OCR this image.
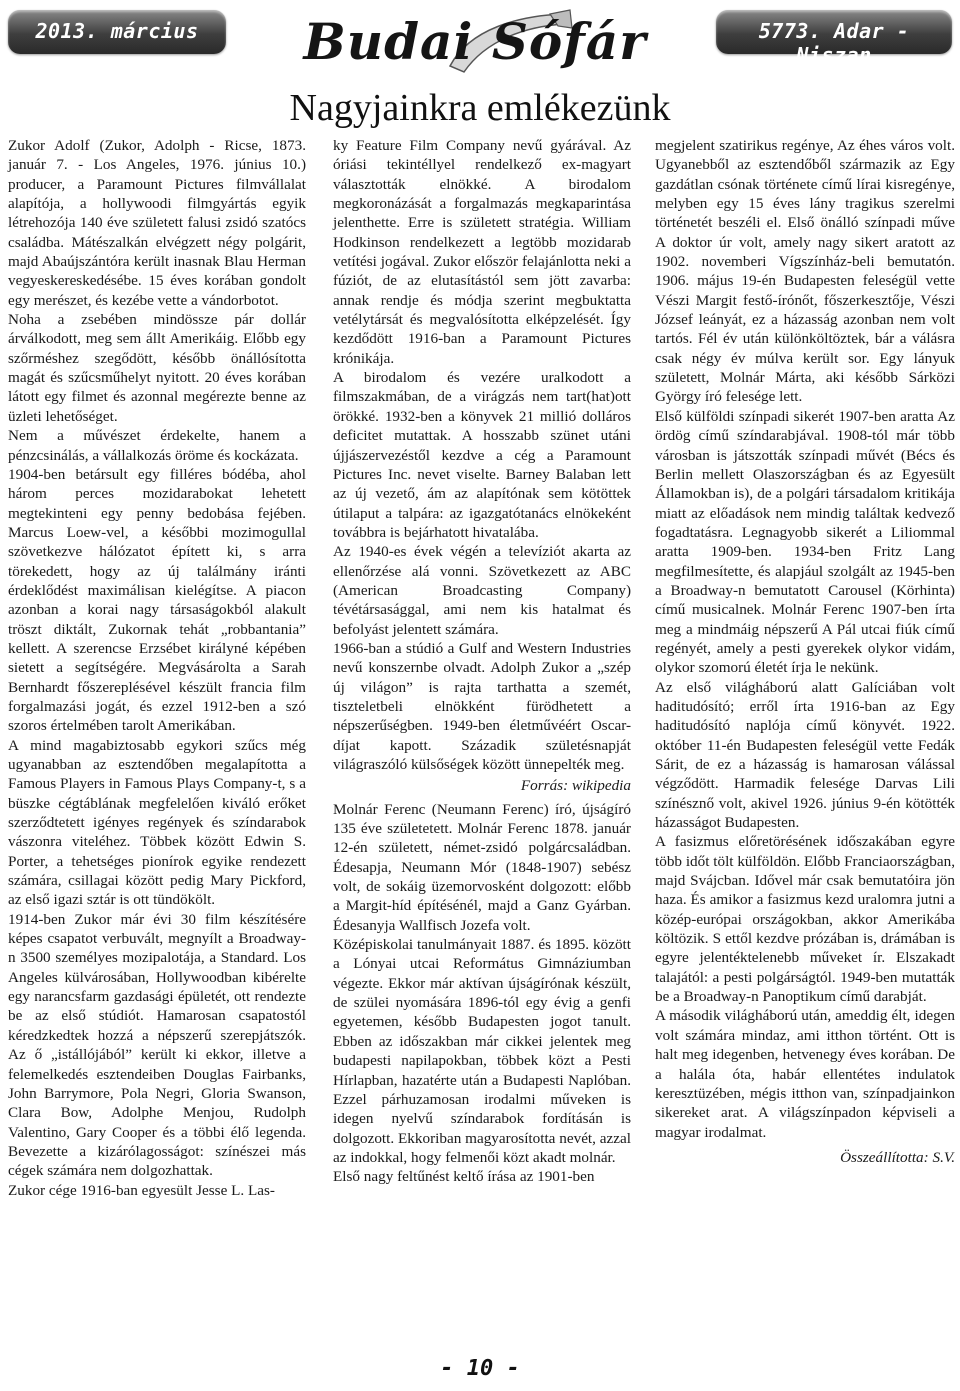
2013. március	Budai Sófár	5773. Adar - Niszan
Nagyjainkra emlékezünk

Zukor Adolf (Zukor, Adolph - Ricse, 1873. január 7. - Los Angeles, 1976. június 10.) producer, a Paramount Pictures filmvállalat alapítója, a hollywoodi filmgyártás egyik létrehozója 140 éve született falusi zsidó szatócs családba. Mátészalkán elvégzett négy polgárit, majd Abaújszántóra került inasnak Blau Herman vegyeskereskedésébe. 15 éves korában gondolt egy merészet, és kezébe vette a vándorbotot.

Noha a zsebében mindössze pár dollár árválkodott, meg sem állt Amerikáig. Előbb egy szőrméshez szegődött, később önállósította magát és szűcsműhelyt nyitott. 20 éves korában látott egy filmet és azonnal megérezte benne az üzleti lehetőséget.

Nem a művészet érdekelte, hanem a pénzcsinálás, a vállalkozás öröme és kockázata.

1904-ben betársult egy filléres bódéba, ahol három perces mozidarabokat lehetett megtekinteni egy penny bedobása fejében. Marcus Loew-vel, a későbbi mozimogullal szövetkezve hálózatot épített ki, s arra törekedett, hogy az új találmány iránti érdeklődést maximálisan kielégítse. A piacon azonban a korai nagy társaságokból alakult tröszt diktált, Zukornak tehát „robbantania” kellett. A szerencse Erzsébet királyné képében sietett a segítségére. Megvásárolta a Sarah Bernhardt főszereplésével készült francia film forgalmazási jogát, és ezzel 1912-ben a szó szoros értelmében tarolt Amerikában.

A mind magabiztosabb egykori szűcs még ugyanabban az esztendőben megalapította a Famous Players in Famous Plays Company-t, s a büszke cégtáblának megfelelően kiváló erőket szerződtetett igényes regények és színdarabok vászonra viteléhez. Többek között Edwin S. Porter, a tehetséges pionírok egyike rendezett számára, csillagai között pedig Mary Pickford, az első igazi sztár is ott tündökölt.

1914-ben Zukor már évi 30 film készítésére képes csapatot verbuvált, megnyílt a Broadway-n 3500 személyes mozipalotája, a Standard. Los Angeles külvárosában, Hollywoodban kibérelte egy narancsfarm gazdasági épületét, ott rendezte be az első stúdiót. Hamarosan csapatostól kéredzkedtek hozzá a népszerű szerepjátszók. Az ő „istállójából” került ki ekkor, illetve a felemelkedés esztendeiben Douglas Fairbanks, John Barrymore, Pola Negri, Gloria Swanson, Clara Bow, Adolphe Menjou, Rudolph Valentino, Gary Cooper és a többi élő legenda. Bevezette a kizárólagosságot: színészei más cégek számára nem dolgozhattak.

Zukor cége 1916-ban egyesült Jesse L. Las-

ky Feature Film Company nevű gyárával. Az óriási tekintéllyel rendelkező ex-magyart választották elnökké. A birodalom megkoronázását a forgalmazás megkaparintása jelenthette. Erre is született stratégia. William Hodkinson rendelkezett a legtöbb mozidarab vetítési jogával. Zukor először felajánlotta neki a fúziót, de az elutasítástól sem jött zavarba: annak rendje és módja szerint megbuktatta vetélytársát és megvalósította elképzelését. Így kezdődött 1916-ban a Paramount Pictures krónikája.

A birodalom és vezére uralkodott a filmszakmában, de a virágzás nem tart(hat)ott örökké. 1932-ben a könyvek 21 millió dolláros deficitet mutattak. A hosszabb szünet utáni újjászervezéstől kezdve a cég a Paramount Pictures Inc. nevet viselte. Barney Balaban lett az új vezető, ám az alapítónak sem kötöttek útilaput a talpára: az igazgatótanács elnökeként továbbra is bejárhatott hivatalába.

Az 1940-es évek végén a televíziót akarta az ellenőrzése alá vonni. Szövetkezett az ABC (American Broadcasting Company) tévétársasággal, ami nem kis hatalmat és befolyást jelentett számára.

1966-ban a stúdió a Gulf and Western Industries nevű konszernbe olvadt. Adolph Zukor a „szép új világon” is rajta tarthatta a szemét, tiszteletbeli elnökként fürödhetett a népszerűségben. 1949-ben életművéért Oscar-díjat kapott. Századik születésnapját világraszóló külsőségek között ünnepelték meg.

Forrás: wikipedia

Molnár Ferenc (Neumann Ferenc) író, újságíró 135 éve születetett. Molnár Ferenc 1878. január 12-én született, német-zsidó polgárcsaládban. Édesapja, Neumann Mór (1848-1907) sebész volt, de sokáig üzemorvosként dolgozott: előbb a Margit-híd építésénél, majd a Ganz Gyárban. Édesanyja Wallfisch Jozefa volt.

Középiskolai tanulmányait 1887. és 1895. között a Lónyai utcai Református Gimnáziumban végezte. Ekkor már aktívan újságírónak készült, de szülei nyomására 1896-tól egy évig a genfi egyetemen, később Budapesten jogot tanult. Ebben az időszakban már cikkei jelentek meg budapesti napilapokban, többek közt a Pesti Hírlapban, hazatérte után a Budapesti Naplóban. Ezzel párhuzamosan irodalmi műveken is idegen nyelvű színdarabok fordításán is dolgozott. Ekkoriban magyarosította nevét, azzal az indokkal, hogy felmenői közt akadt molnár.

Első nagy feltűnést keltő írása az 1901-ben

megjelent szatirikus regénye, Az éhes város volt. Ugyanebből az esztendőből származik az Egy gazdátlan csónak története című lírai kisregénye, melyben egy 15 éves lány tragikus szerelmi történetét beszéli el. Első önálló színpadi műve A doktor úr volt, amely nagy sikert aratott az 1902. novemberi Vígszínház-beli bemutatón. 1906. május 19-én Budapesten feleségül vette Vészi Margit festő-írónőt, főszerkesztője, Vészi József leányát, ez a házasság azonban nem volt tartós. Fél év után különköltöztek, bár a válásra csak négy év múlva került sor. Egy lányuk született, Molnár Márta, aki később Sárközi György író felesége lett.

Első külföldi színpadi sikerét 1907-ben aratta Az ördög című színdarabjával. 1908-tól már több városban is játszották színpadi művét (Bécs és Berlin mellett Olaszországban és az Egyesült Államokban is), de a polgári társadalom kritikája miatt az előadások nem mindig találtak kedvező fogadtatásra. Legnagyobb sikerét a Liliommal aratta 1909-ben. 1934-ben Fritz Lang megfilmesítette, és alapjául szolgált az 1945-ben a Broadway-n bemutatott Carousel (Körhinta) című musicalnek. Molnár Ferenc 1907-ben írta meg a mindmáig népszerű A Pál utcai fiúk című regényét, amely a pesti gyerekek olykor vidám, olykor szomorú életét írja le nekünk.

Az első világháború alatt Galíciában volt haditudósító; erről írta 1916-ban az Egy haditudósító naplója című könyvét. 1922. október 11-én Budapesten feleségül vette Fedák Sárit, de ez a házasság is hamarosan válással végződött. Harmadik felesége Darvas Lili színésznő volt, akivel 1926. június 9-én kötötték házasságot Budapesten.

A fasizmus előretörésének időszakában egyre több időt tölt külföldön. Előbb Franciaországban, majd Svájcban. Idővel már csak bemutatóira jön haza. És amikor a fasizmus kezd uralomra jutni a közép-európai országokban, akkor Amerikába költözik. S ettől kezdve prózában is, drámában is egyre jelentéktelenebb műveket ír. Elszakadt talajától: a pesti polgárságtól. 1949-ben mutatták be a Broadway-n Panoptikum című darabját.

A második világháború után, ameddig élt, idegen volt számára mindaz, ami itthon történt. Ott is halt meg idegenben, hetvenegy éves korában. De a halála óta, habár ellentétes indulatok keresztüzében, mégis itthon van, színpadjainkon sikereket arat. A világszínpadon képviseli a magyar irodalmat.

Összeállította: S.V.

- 10 -
